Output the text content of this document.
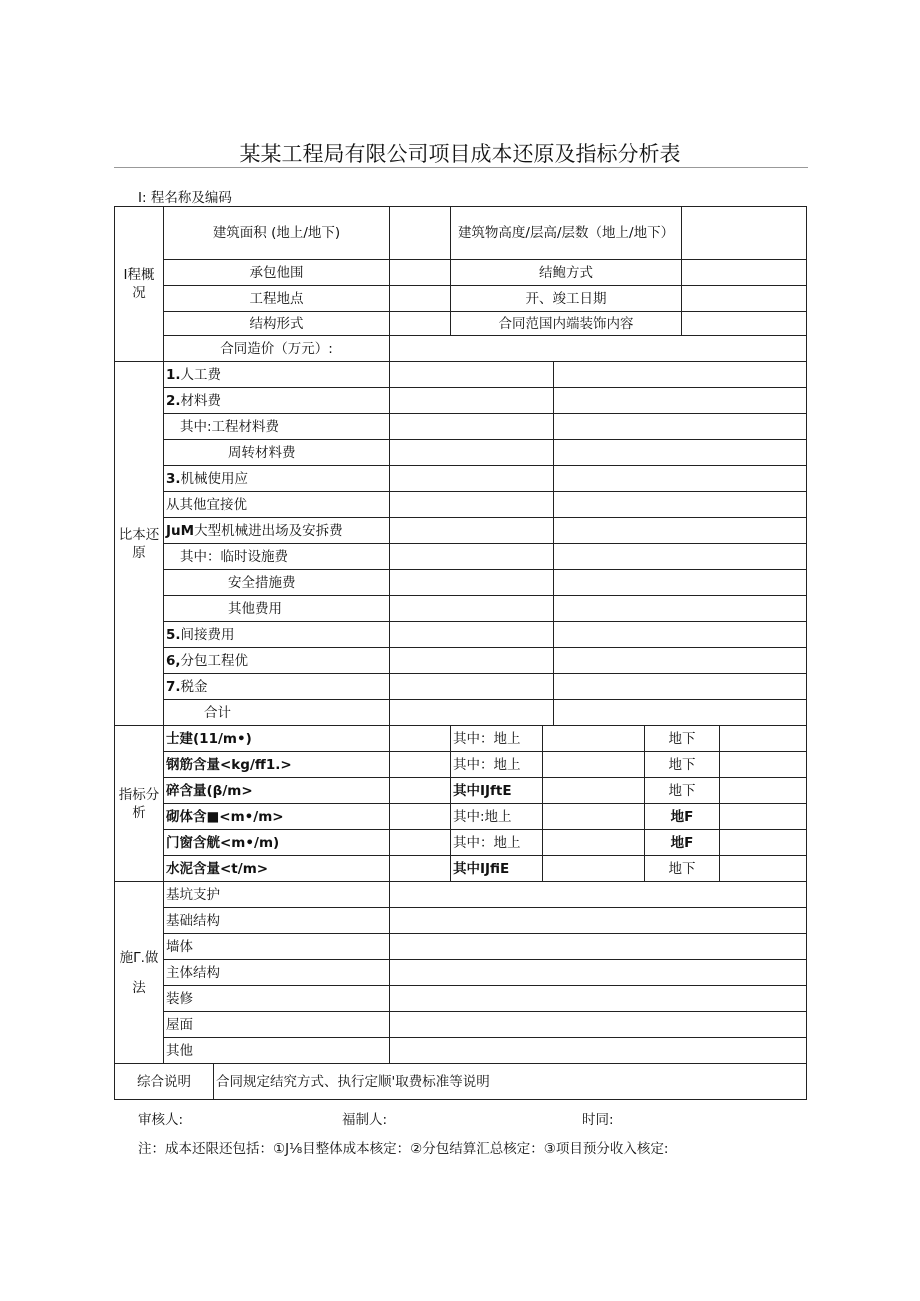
某某工程局有限公司项目成本还原及指标分析表
I: 程名称及编码
I程概况	建筑面积 (地上/地下)			建筑物高度/层高/层数（地上/地下）					
	承包他围			结鲍方式					
	工程地点			开、竣工日期					
	结构形式			合同范国内端装饰内容					
	合同造价（万元）:								
比本还原	1.人工费								
	2.材料费								
	其中:工程材料费								
	周转材料费								
	3.机械使用应								
	从其他宜接优								
	JuM大型机械进出场及安拆费								
	其中：临时设施费								
	安全措施费								
	其他费用								
	5.间接费用								
	6,分包工程优								
	7.税金								
	合计								
指标分析	士建(11/m•)			其中：地上			地下		
	钢筋含量<kg/ff1.>			其中：地上			地下		
	碎含量(β/m>			其中IJftE			地下		
	砌体含■<m•/m>			其中:地上			地F		
	门窗含觥<m•/m)			其中：地上			地F		
	水泥含量<t/m>			其中IJfiE			地下		
施Γ.做法	基坑支护								
	基础结构								
	墙体								
	主体结构								
	装修								
	屋面								
	其他								
综合说明		合同规定结究方式、执行定顺'取费标准等说明							
审核人:	福制人:	时同:
注：成本还限还包括：①J⅛目整体成本核定：②分包结算汇总核定：③项目预分收入核定:
